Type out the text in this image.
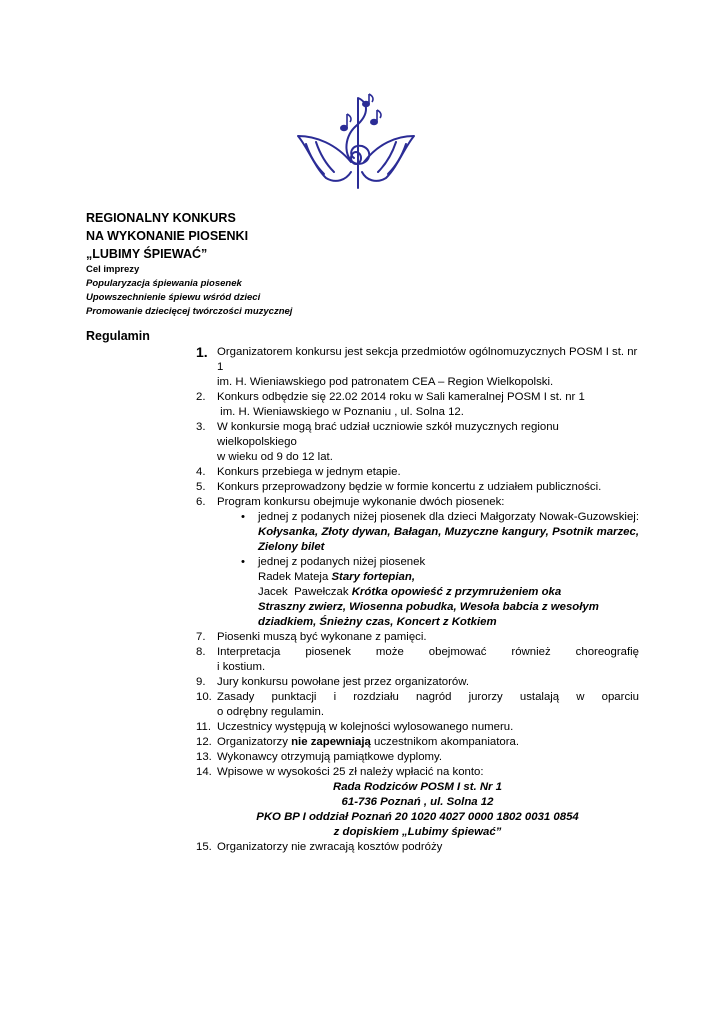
REGIONALNY KONKURS
NA WYKONANIE PIOSENKI
„LUBIMY ŚPIEWAĆ”
Cel imprezy
Popularyzacja śpiewania piosenek
Upowszechnienie śpiewu wśród dzieci
Promowanie dziecięcej twórczości muzycznej
Regulamin
1. Organizatorem konkursu jest sekcja przedmiotów ogólnomuzycznych POSM I st. nr 1
im. H. Wieniawskiego pod patronatem CEA – Region Wielkopolski.
2.	Konkurs odbędzie się 22.02 2014 roku w Sali kameralnej POSM I st. nr 1
im. H. Wieniawskiego w Poznaniu , ul. Solna 12.
3.	W konkursie mogą brać udział uczniowie szkół muzycznych regionu wielkopolskiego
w wieku od 9 do 12 lat.
4.	Konkurs przebiega w jednym etapie.
5.	Konkurs przeprowadzony będzie w formie koncertu z udziałem publiczności.
6.	Program konkursu obejmuje wykonanie dwóch piosenek:
•	jednej z podanych niżej piosenek dla dzieci Małgorzaty Nowak-Guzowskiej: Kołysanka, Złoty dywan, Bałagan, Muzyczne kangury, Psotnik marzec, Zielony bilet
•	jednej z podanych niżej piosenek
Radek Mateja Stary fortepian,
Jacek  Pawełczak Krótka opowieść z przymrużeniem oka
Straszny zwierz, Wiosenna pobudka, Wesoła babcia z wesołym dziadkiem, Śnieżny czas, Koncert z Kotkiem
7.	Piosenki muszą być wykonane z pamięci.
8.	Interpretacja piosenek może obejmować również choreografię
i kostium.
9.	Jury konkursu powołane jest przez organizatorów.
10. Zasady punktacji i rozdziału nagród jurorzy ustalają w oparciu
o odrębny regulamin.
11. Uczestnicy występują w kolejności wylosowanego numeru.
12. Organizatorzy nie zapewniają uczestnikom akompaniatora.
13. Wykonawcy otrzymują pamiątkowe dyplomy.
14. Wpisowe w wysokości 25 zł należy wpłacić na konto:
Rada Rodziców POSM I st. Nr 1
61-736 Poznań , ul. Solna 12
PKO BP I oddział Poznań 20 1020 4027 0000 1802 0031 0854
z dopiskiem „Lubimy śpiewać”
15. Organizatorzy nie zwracają kosztów podróży
